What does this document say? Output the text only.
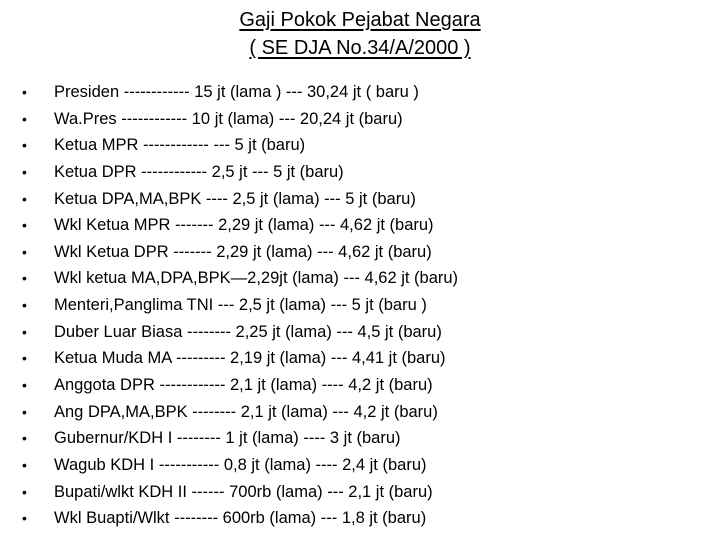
Gaji Pokok Pejabat Negara
( SE DJA No.34/A/2000 )
• Presiden ------------ 15 jt (lama ) --- 30,24 jt ( baru )
• Wa.Pres ------------ 10 jt (lama) --- 20,24 jt (baru)
• Ketua MPR ------------ --- 5 jt (baru)
• Ketua DPR ------------ 2,5 jt --- 5 jt (baru)
• Ketua DPA,MA,BPK ---- 2,5 jt (lama) --- 5 jt (baru)
• Wkl Ketua MPR ------- 2,29 jt (lama) --- 4,62 jt (baru)
• Wkl Ketua DPR ------- 2,29 jt (lama) --- 4,62 jt (baru)
• Wkl ketua MA,DPA,BPK—2,29jt (lama) --- 4,62 jt (baru)
• Menteri,Panglima TNI --- 2,5 jt (lama) --- 5 jt (baru )
• Duber Luar Biasa -------- 2,25 jt (lama) --- 4,5 jt (baru)
• Ketua Muda MA --------- 2,19 jt (lama) --- 4,41 jt (baru)
• Anggota DPR ------------ 2,1 jt (lama) ---- 4,2 jt (baru)
• Ang DPA,MA,BPK -------- 2,1 jt (lama) --- 4,2 jt (baru)
• Gubernur/KDH I -------- 1 jt (lama) ---- 3 jt (baru)
• Wagub KDH I ----------- 0,8 jt (lama) ---- 2,4 jt (baru)
• Bupati/wlkt KDH II ------ 700rb (lama) --- 2,1 jt (baru)
• Wkl Buapti/Wlkt -------- 600rb (lama) --- 1,8 jt (baru)
